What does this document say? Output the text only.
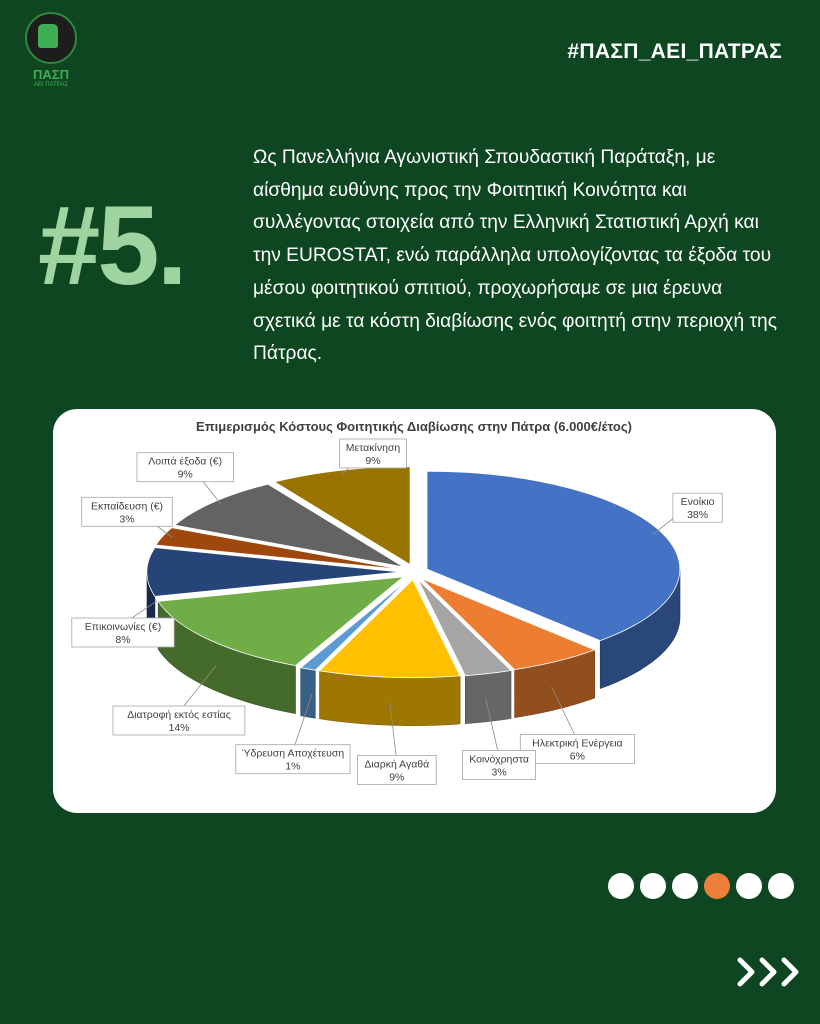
ΠΑΣΠ
ΑΕΙ ΠΑΤΡΑΣ
#ΠΑΣΠ_ΑΕΙ_ΠΑΤΡΑΣ
#5.
Ως Πανελλήνια Αγωνιστική Σπουδαστική Παράταξη, με αίσθημα ευθύνης προς την Φοιτητική Κοινότητα και συλλέγοντας στοιχεία από την Ελληνική Στατιστική Αρχή και την EUROSTAT, ενώ παράλληλα υπολογίζοντας τα έξοδα του μέσου φοιτητικού σπιτιού, προχωρήσαμε σε μια έρευνα σχετικά με τα κόστη διαβίωσης ενός φοιτητή στην περιοχή της Πάτρας.
Επιμερισμός Κόστους Φοιτητικής Διαβίωσης στην Πάτρα (6.000€/έτος)
Ενοίκιο
38%
Ηλεκτρική Ενέργεια
6%
Κοινόχρηστα
3%
Διαρκή Αγαθά
9%
Ύδρευση Αποχέτευση
1%
Διατροφή εκτός εστίας
14%
Επικοινωνίες (€)
8%
Εκπαίδευση (€)
3%
Λοιπά έξοδα (€)
9%
Μετακίνηση
9%
